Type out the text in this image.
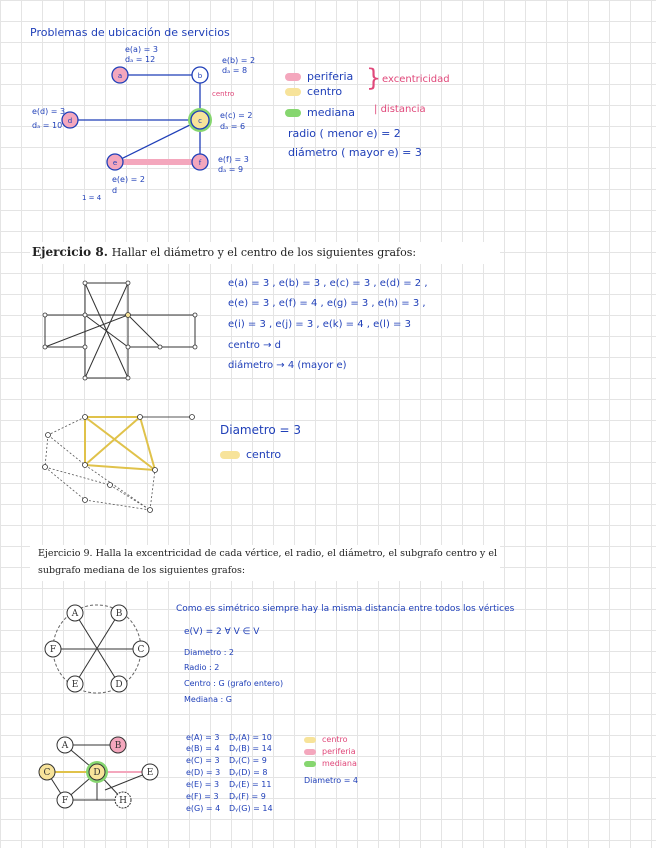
Problemas de ubicación de servicios
a	b
c
d
e	f
e(a) = 3
dₐ = 12	e(b) = 2
dₐ = 8
centro
e(c) = 2
dₐ = 6
e(d) = 3
dₐ = 10
e(f) = 3
dₐ = 9
e(e) = 2
d
1 = 4
periferia
centro } excentricidad
mediana | distancia
radio ( menor e) = 2
diámetro ( mayor e) = 3
Ejercicio 8. Hallar el diámetro y el centro de los siguientes grafos:
e(a) = 3 , e(b) = 3 , e(c) = 3 , e(d) = 2 ,
e(e) = 3 , e(f) = 4 , e(g) = 3 , e(h) = 3 ,
e(i) = 3 , e(j) = 3 , e(k) = 4 , e(l) = 3
centro → d
diámetro → 4 (mayor e)
Diametro = 3
centro
Ejercicio 9. Halla la excentricidad de cada vértice, el radio, el diámetro, el subgrafo centro y el
subgrafo mediana de los siguientes grafos:
A	B
C
D
E
F
Como es simétrico siempre hay la misma distancia entre todos los vértices
e(V) = 2 ∀ V ∈ V
Diametro : 2
Radio : 2
Centro : G (grafo entero)
Mediana : G
A	B
C	D	E
F	H
e(A) = 3
e(B) = 4
e(C) = 3
e(D) = 3
e(E) = 3
e(F) = 3
e(G) = 4
Dᵧ(A) = 10
Dᵧ(B) = 14
Dᵧ(C) = 9
Dᵧ(D) = 8
Dᵧ(E) = 11
Dᵧ(F) = 9
Dᵧ(G) = 14
centro
periferia
mediana
Diametro = 4
